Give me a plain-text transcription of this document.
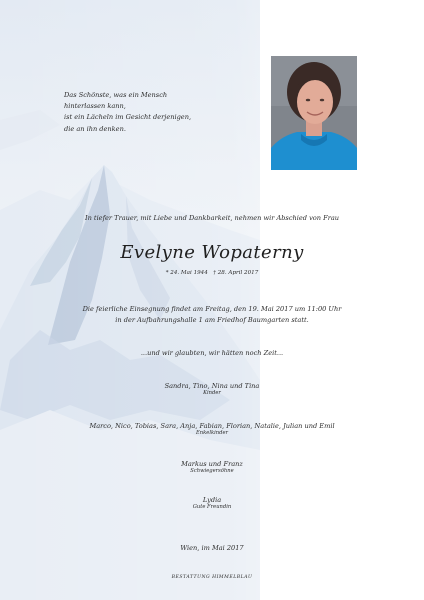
Das Schönste, was ein Mensch
hinterlassen kann,
ist ein Lächeln im Gesicht derjenigen,
die an ihn denken.
In tiefer Trauer, mit Liebe und Dankbarkeit, nehmen wir Abschied von Frau
Evelyne Wopaterny
* 24. Mai 1944 † 28. April 2017
Die feierliche Einsegnung findet am Freitag, den 19. Mai 2017 um 11:00 Uhr
in der Aufbahrungshalle 1 am Friedhof Baumgarten statt.
...und wir glaubten, wir hätten noch Zeit...
Sandra, Tino, Nina und Tina
Kinder
Marco, Nico, Tobias, Sara, Anja, Fabian, Florian, Natalie, Julian und Emil
Enkelkinder
Markus und Franz
Schwiegersöhne
Lydia
Gute Freundin
Wien, im Mai 2017
BESTATTUNG HIMMELBLAU
